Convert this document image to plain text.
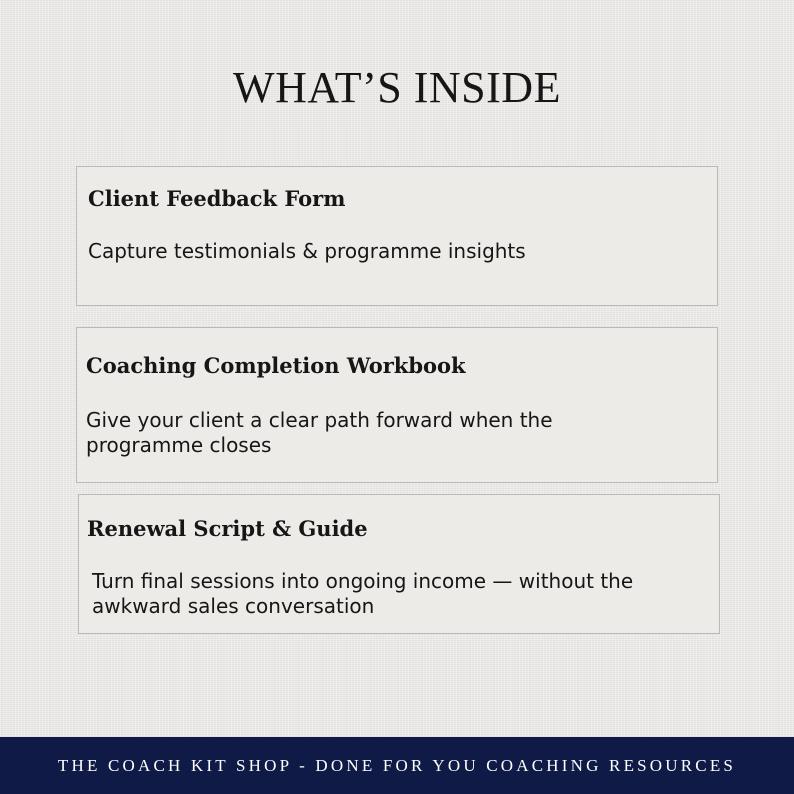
WHAT’S INSIDE
Client Feedback Form
Capture testimonials & programme insights
Coaching Completion Workbook
Give your client a clear path forward when the programme closes
Renewal Script & Guide
Turn final sessions into ongoing income — without the awkward sales conversation
THE COACH KIT SHOP - DONE FOR YOU COACHING RESOURCES
